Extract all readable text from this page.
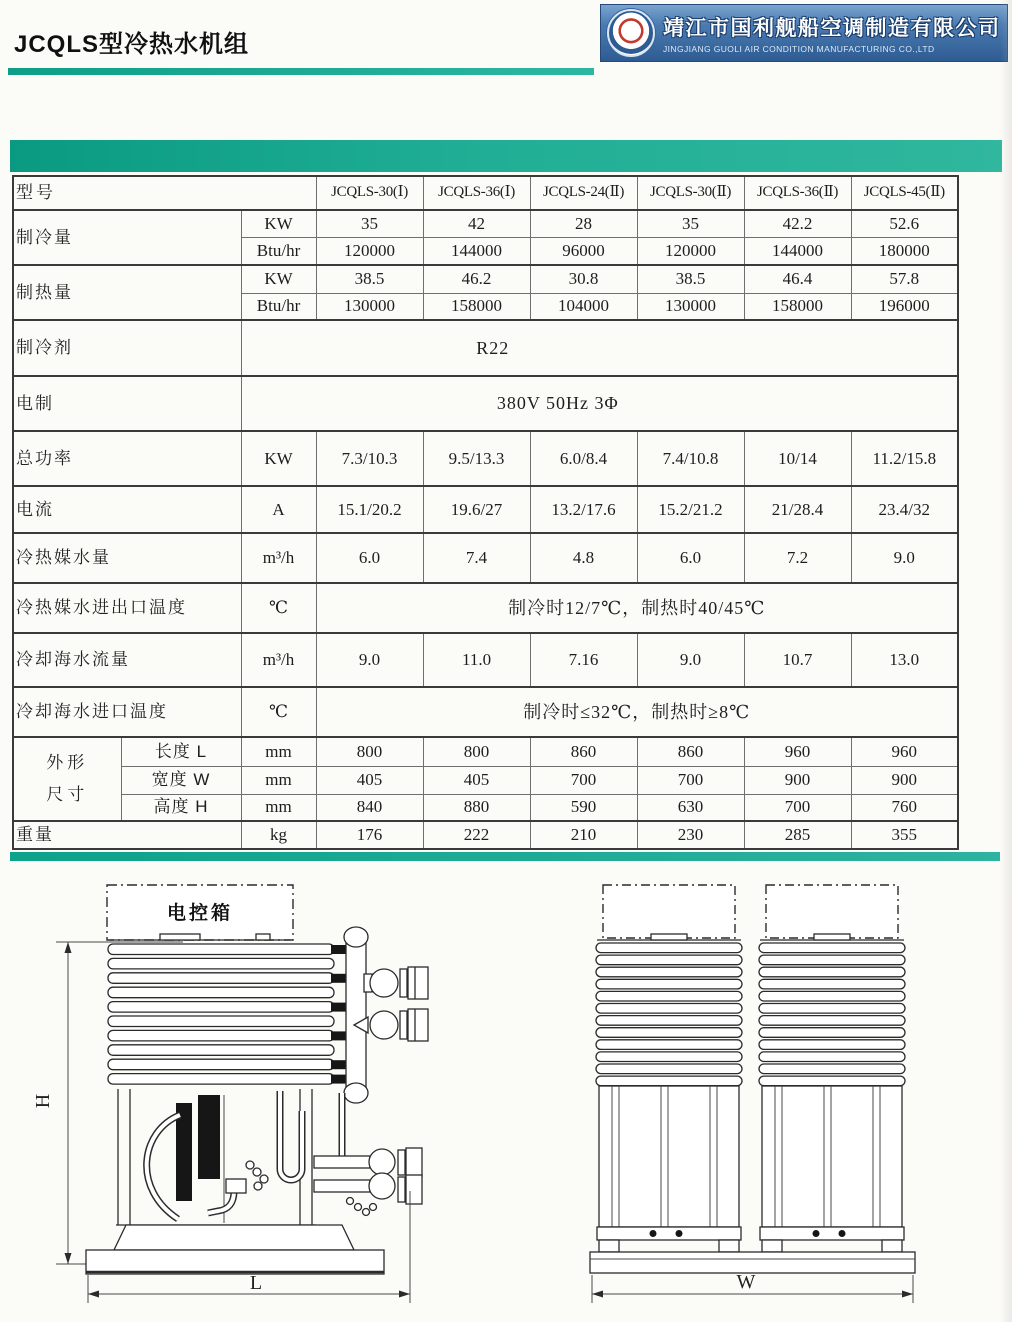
JCQLS型冷热水机组
靖江市国利舰船空调制造有限公司
JINGJIANG GUOLI AIR CONDITION MANUFACTURING CO.,LTD
型号			JCQLS-30(Ⅰ)	JCQLS-36(Ⅰ)	JCQLS-24(Ⅱ)	JCQLS-30(Ⅱ)	JCQLS-36(Ⅱ)	JCQLS-45(Ⅱ)
制冷量		KW	35	42	28	35	42.2	52.6
		Btu/hr	120000	144000	96000	120000	144000	180000
制热量		KW	38.5	46.2	30.8	38.5	46.4	57.8
		Btu/hr	130000	158000	104000	130000	158000	196000
制冷剂		R22						
电制		380V 50Hz 3Φ						
总功率		KW	7.3/10.3	9.5/13.3	6.0/8.4	7.4/10.8	10/14	11.2/15.8
电流		A	15.1/20.2	19.6/27	13.2/17.6	15.2/21.2	21/28.4	23.4/32
冷热媒水量		m³/h	6.0	7.4	4.8	6.0	7.2	9.0
冷热媒水进出口温度		℃	制冷时12/7℃，制热时40/45℃					
冷却海水流量		m³/h	9.0	11.0	7.16	9.0	10.7	13.0
冷却海水进口温度		℃	制冷时≤32℃，制热时≥8℃					

外形
尺寸	长度 L	mm	800	800	860	860	960	960
	宽度 W	mm	405	405	700	700	900	900
	高度 H	mm	840	880	590	630	700	760
重量		kg	176	222	210	230	285	355
H
电控箱
L	W
